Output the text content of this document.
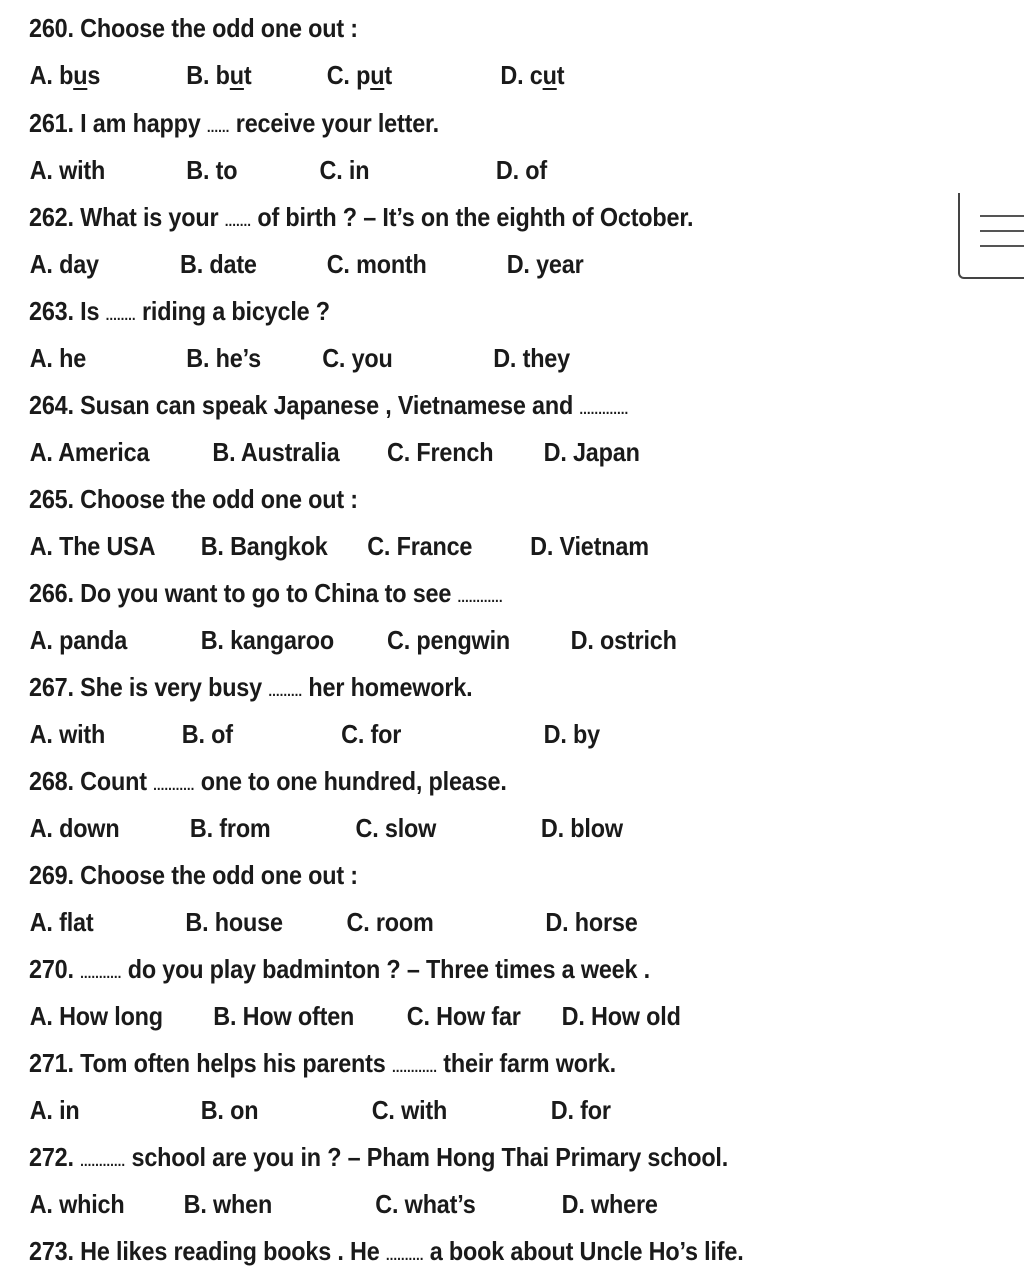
260. Choose the odd one out :
A. bus	B. but	C. put	D. cut
261. I am happy ...... receive your letter.
A. with	B. to	C. in	D. of
262. What is your ....... of birth ? – It’s on the eighth of October.
A. day	B. date	C. month	D. year
263. Is ........ riding a bicycle ?
A. he	B. he’s C. you	D. they
264. Susan can speak Japanese , Vietnamese and .............
A. America B. Australia C. French D. Japan
265. Choose the odd one out :
A. The USA B. Bangkok C. France D. Vietnam
266. Do you want to go to China to see ............
A. panda	B. kangaroo C. pengwin D. ostrich
267. She is very busy ......... her homework.
A. with	B. of	C. for	D. by
268. Count ........... one to one hundred, please.
A. down	B. from	C. slow	D. blow
269. Choose the odd one out :
A. flat	B. house C. room	D. horse
270. ........... do you play badminton ? – Three times a week .
A. How long B. How often C. How far D. How old
271. Tom often helps his parents ............ their farm work.
A. in	B. on	C. with	D. for
272. ............ school are you in ? – Pham Hong Thai Primary school.
A. which B. when	C. what’s	D. where
273. He likes reading books . He .......... a book about Uncle Ho’s life.
